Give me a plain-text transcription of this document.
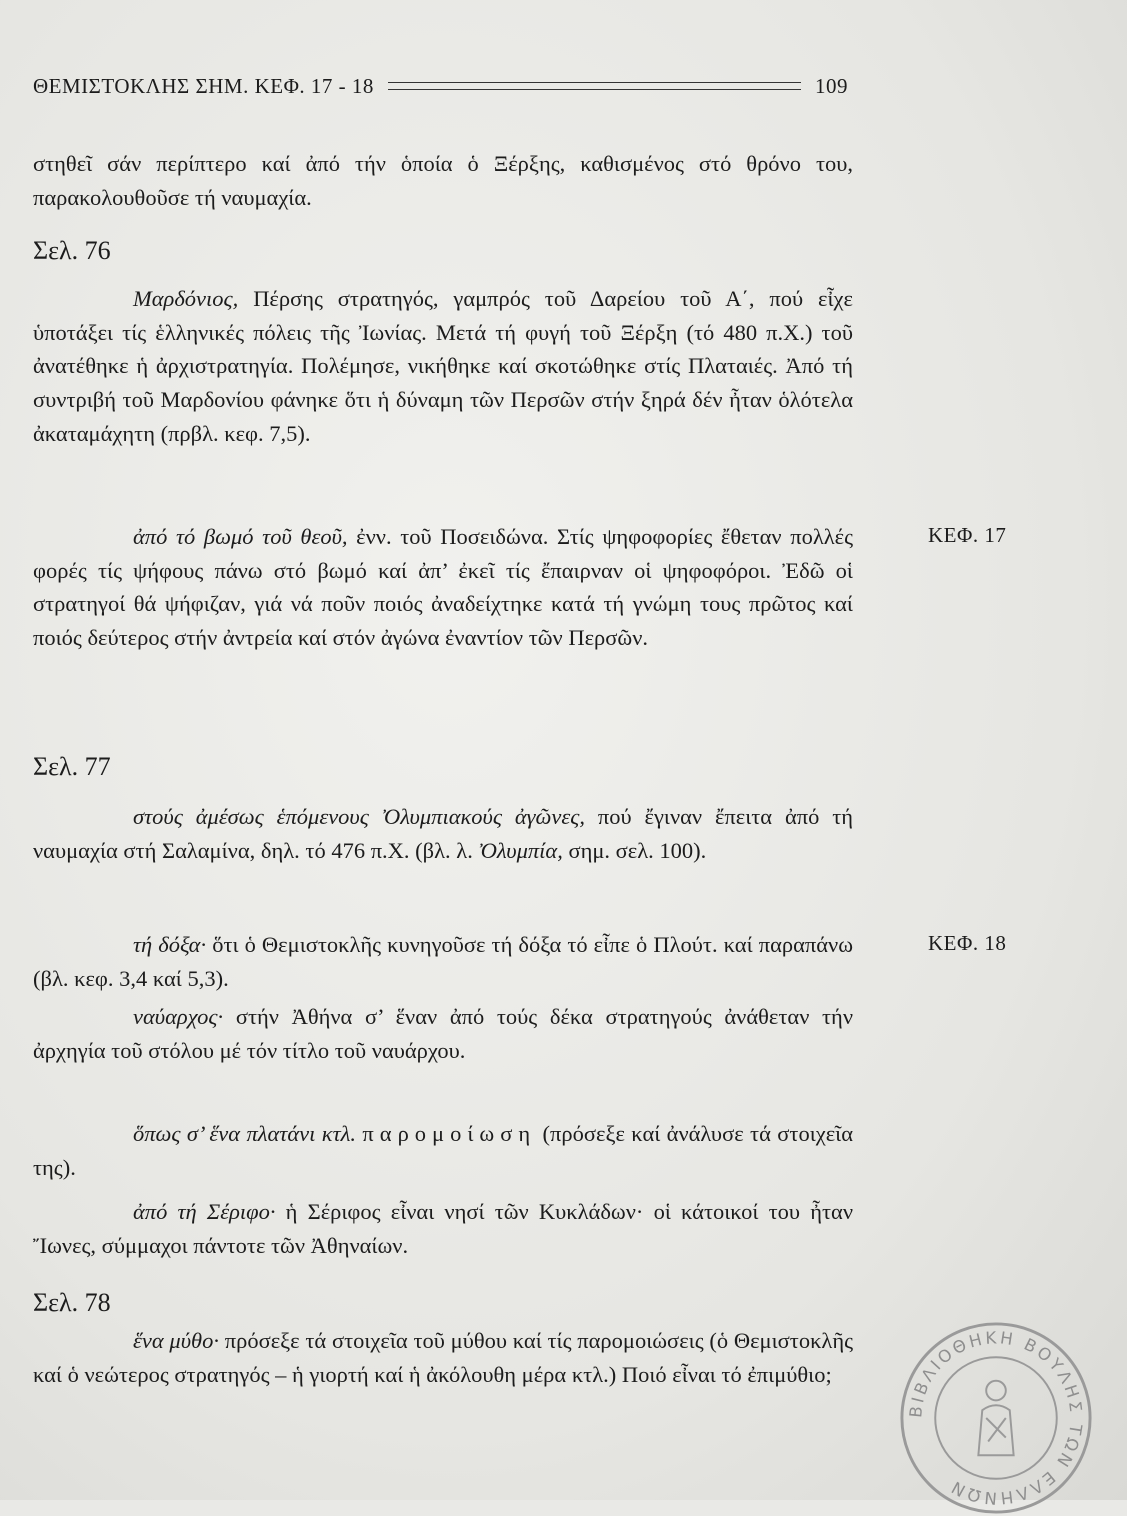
ΘΕΜΙΣΤΟΚΛΗΣ ΣΗΜ. ΚΕΦ. 17 - 18	109

στηθεῖ σάν περίπτερο καί ἀπό τήν ὁποία ὁ Ξέρξης, καθισμένος στό θρόνο του, παρακολουθοῦσε τή ναυμαχία.

Σελ. 76

Μαρδόνιος, Πέρσης στρατηγός, γαμπρός τοῦ Δαρείου τοῦ Α΄, πού εἶχε ὑποτάξει τίς ἑλληνικές πόλεις τῆς Ἰωνίας. Μετά τή φυγή τοῦ Ξέρξη (τό 480 π.Χ.) τοῦ ἀνατέθηκε ἡ ἀρχιστρατηγία. Πολέμησε, νικήθηκε καί σκοτώθηκε στίς Πλαταιές. Ἀπό τή συντριβή τοῦ Μαρδονίου φάνηκε ὅτι ἡ δύναμη τῶν Περσῶν στήν ξηρά δέν ἦταν ὁλότελα ἀκαταμάχητη (πρβλ. κεφ. 7,5).

ἀπό τό βωμό τοῦ θεοῦ, ἐνν. τοῦ Ποσειδώνα. Στίς ψηφοφορίες ἔθεταν πολλές φορές τίς ψήφους πάνω στό βωμό καί ἀπ’ ἐκεῖ τίς ἔπαιρναν οἱ ψηφοφόροι. Ἐδῶ οἱ στρατηγοί θά ψήφιζαν, γιά νά ποῦν ποιός ἀναδείχτηκε κατά τή γνώμη τους πρῶτος καί ποιός δεύτερος στήν ἀντρεία καί στόν ἀγώνα ἐναντίον τῶν Περσῶν.

ΚΕΦ. 17
Σελ. 77

στούς ἀμέσως ἑπόμενους Ὀλυμπιακούς ἀγῶνες, πού ἔγιναν ἔπειτα ἀπό τή ναυμαχία στή Σαλαμίνα, δηλ. τό 476 π.Χ. (βλ. λ. Ὀλυμπία, σημ. σελ. 100).

τή δόξα· ὅτι ὁ Θεμιστοκλῆς κυνηγοῦσε τή δόξα τό εἶπε ὁ Πλούτ. καί παραπάνω (βλ. κεφ. 3,4 καί 5,3).

ΚΕΦ. 18

ναύαρχος· στήν Ἀθήνα σ’ ἕναν ἀπό τούς δέκα στρατηγούς ἀνάθεταν τήν ἀρχηγία τοῦ στόλου μέ τόν τίτλο τοῦ ναυάρχου.

ὅπως σ’ ἕνα πλατάνι κτλ. παρομοίωση (πρόσεξε καί ἀνάλυσε τά στοιχεῖα της).

ἀπό τή Σέριφο· ἡ Σέριφος εἶναι νησί τῶν Κυκλάδων· οἱ κάτοικοί του ἦταν Ἴωνες, σύμμαχοι πάντοτε τῶν Ἀθηναίων.

Σελ. 78

ἕνα μύθο· πρόσεξε τά στοιχεῖα τοῦ μύθου καί τίς παρομοιώσεις (ὁ Θεμιστοκλῆς καί ὁ νεώτερος στρατηγός – ἡ γιορτή καί ἡ ἀκόλουθη μέρα κτλ.) Ποιό εἶναι τό ἐπιμύθιο;

ΒΙΒΛΙΟΘΗΚΗ ΒΟΥΛΗΣ ΤΩΝ ΕΛΛΗΝΩΝ
